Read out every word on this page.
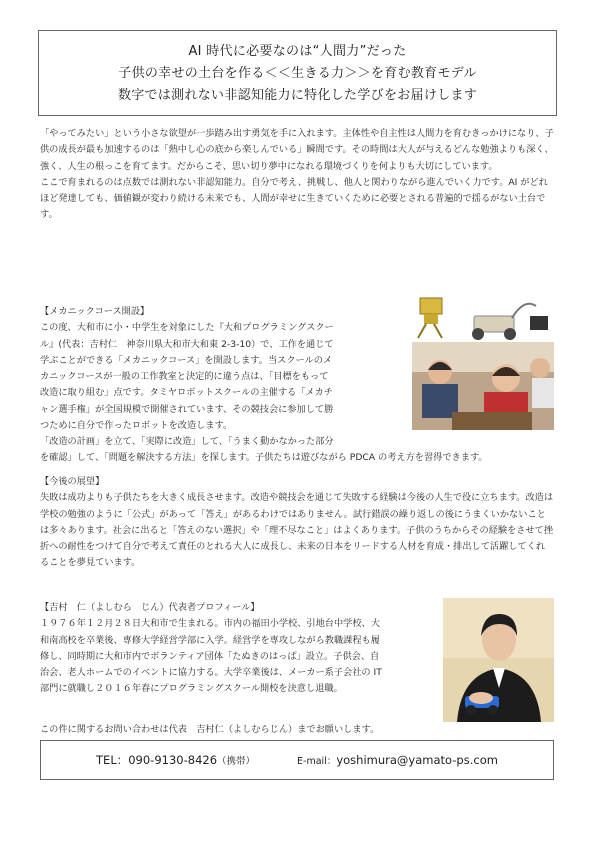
AI 時代に必要なのは“人間力”だった
子供の幸せの土台を作る＜＜生きる力＞＞を育む教育モデル
数字では測れない非認知能力に特化した学びをお届けします

「やってみたい」という小さな欲望が一歩踏み出す勇気を手に入れます。主体性や自主性は人間力を育むきっかけになり、子供の成長が最も加速するのは「熱中し心の底から楽しんでいる」瞬間です。その時間は大人が与えるどんな勉強よりも深く、強く、人生の根っこを育てます。だからこそ、思い切り夢中になれる環境づくりを何よりも大切にしています。

ここで育まれるのは点数では測れない非認知能力。自分で考え、挑戦し、他人と関わりながら進んでいく力です。AI がどれほど発達しても、価値観が変わり続ける未来でも、人間が幸せに生きていくために必要とされる普遍的で揺るがない土台です。

【メカニックコース開設】

この度、大和市に小・中学生を対象にした『大和プログラミングスクー

ル』(代表：吉村仁　神奈川県大和市大和東 2-3-10）で、工作を通じて

学ぶことができる「メカニックコース」を開設します。当スクールのメ

カニックコースが一般の工作教室と決定的に違う点は、「目標をもって

改造に取り組む」点です。タミヤロボットスクールの主催する「メカチ

ャン選手権」が全国規模で開催されています、その競技会に参加して勝

つために自分で作ったロボットを改造します。

「改造の計画」を立て、「実際に改造」して、「うまく動かなかった部分

を確認」して、「問題を解決する方法」を探します。子供たちは遊びながら PDCA の考え方を習得できます。

【今後の展望】

失敗は成功よりも子供たちを大きく成長させます。改造や競技会を通じて失敗する経験は今後の人生で役に立ちます。改造は学校の勉強のように「公式」があって「答え」があるわけではありません。試行錯誤の繰り返しの後にうまくいかないことは多々あります。社会に出ると「答えのない選択」や「理不尽なこと」はよくあります。子供のうちからその経験をさせて挫折への耐性をつけて自分で考えて責任のとれる大人に成長し、未来の日本をリードする人材を育成・排出して活躍してくれることを夢見ています。

【吉村　仁（よしむら　じん）代表者プロフィール】

１９７６年１２月２８日大和市で生まれる。市内の福田小学校、引地台中学校、大

和南高校を卒業後、専修大学経営学部に入学。経営学を専攻しながら教職課程も履

修し、同時期に大和市内でボランティア団体「たぬきのはっぱ」設立。子供会、自

治会、老人ホームでのイベントに協力する。大学卒業後は、メーカー系子会社の IT

部門に就職し２０１６年春にプログラミングスクール開校を決意し退職。

この件に関するお問い合わせは代表　吉村仁（よしむらじん）までお願いします。

TEL：090-9130-8426（携帯）	E-mail：yoshimura@yamato-ps.com
